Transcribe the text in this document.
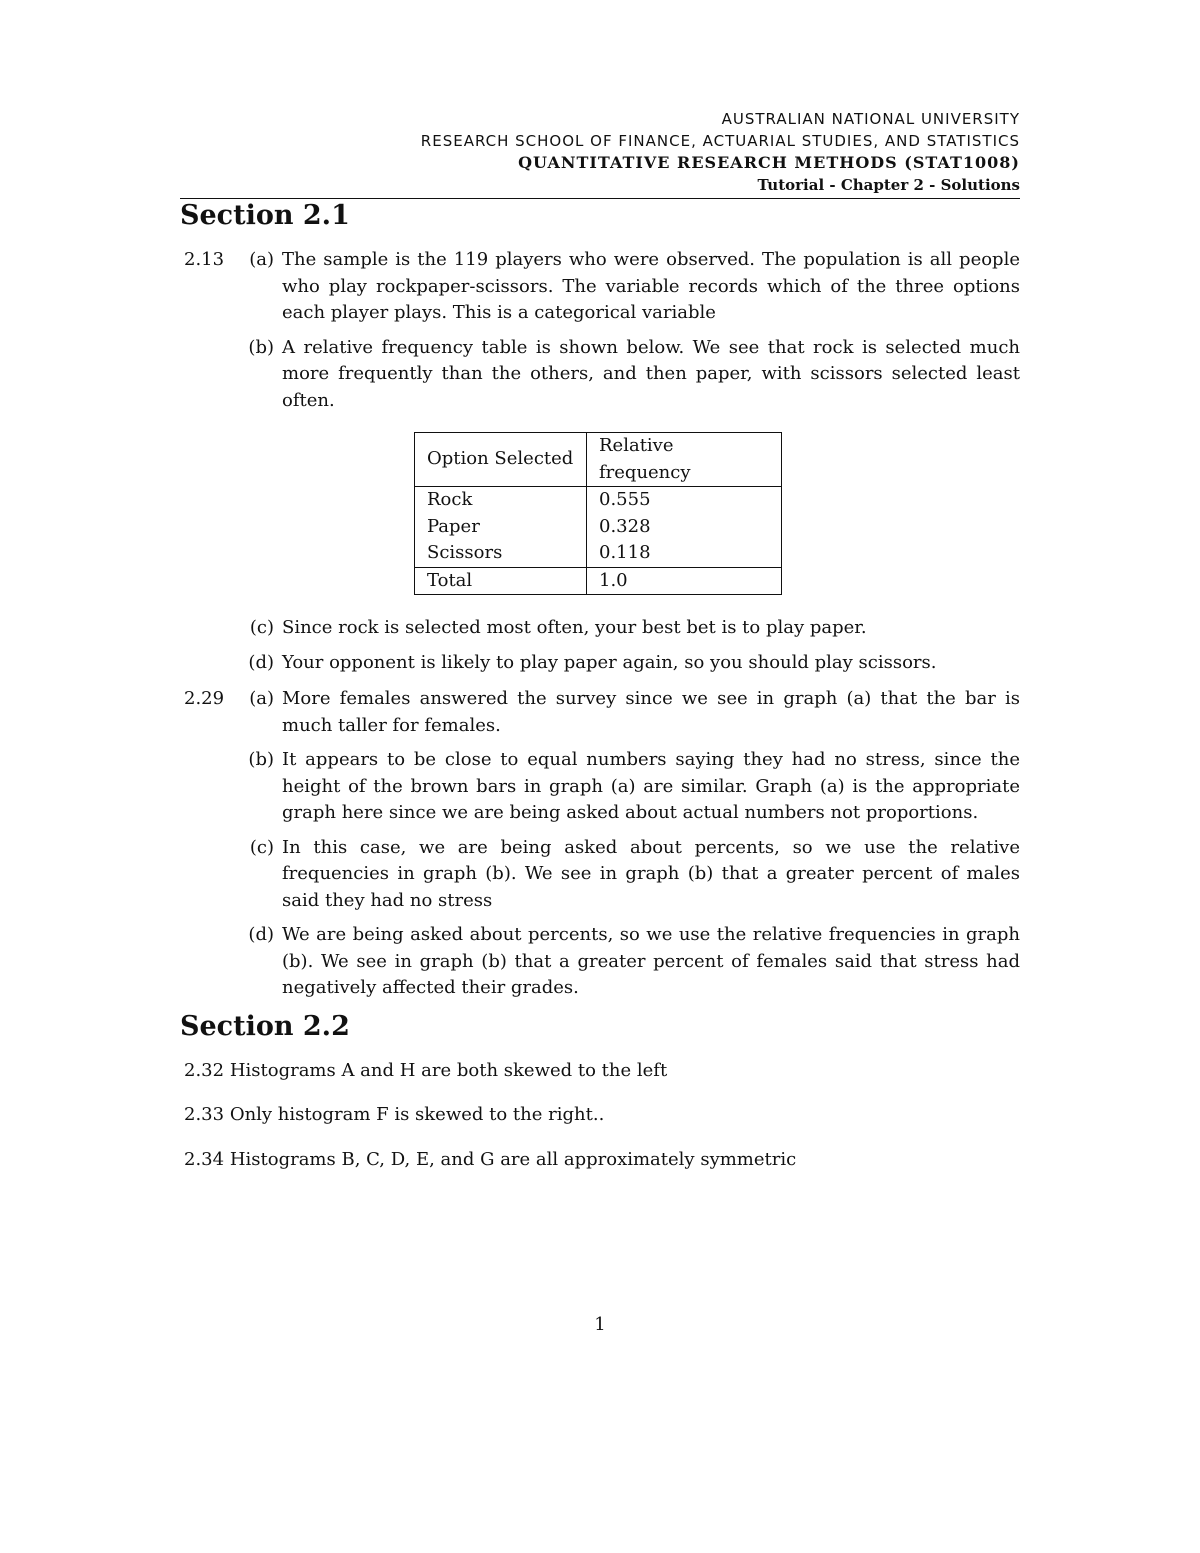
AUSTRALIAN NATIONAL UNIVERSITY
RESEARCH SCHOOL OF FINANCE, ACTUARIAL STUDIES, AND STATISTICS
QUANTITATIVE RESEARCH METHODS (STAT1008)
Tutorial - Chapter 2 - Solutions
Section 2.1
2.13	(a) The sample is the 119 players who were observed. The population is all people who play rockpaper-scissors. The variable records which of the three options each player plays. This is a categorical variable
(b) A relative frequency table is shown below. We see that rock is selected much more frequently than the others, and then paper, with scissors selected least often.
Option Selected	Relative frequency
Rock	0.555
Paper	0.328
Scissors	0.118
Total	1.0
(c) Since rock is selected most often, your best bet is to play paper.
(d) Your opponent is likely to play paper again, so you should play scissors.
2.29	(a) More females answered the survey since we see in graph (a) that the bar is much taller for females.
(b) It appears to be close to equal numbers saying they had no stress, since the height of the brown bars in graph (a) are similar. Graph (a) is the appropriate graph here since we are being asked about actual numbers not proportions.
(c) In this case, we are being asked about percents, so we use the relative frequencies in graph (b). We see in graph (b) that a greater percent of males said they had no stress
(d) We are being asked about percents, so we use the relative frequencies in graph (b). We see in graph (b) that a greater percent of females said that stress had negatively affected their grades.
Section 2.2
2.32 Histograms A and H are both skewed to the left
2.33 Only histogram F is skewed to the right..
2.34 Histograms B, C, D, E, and G are all approximately symmetric
1
